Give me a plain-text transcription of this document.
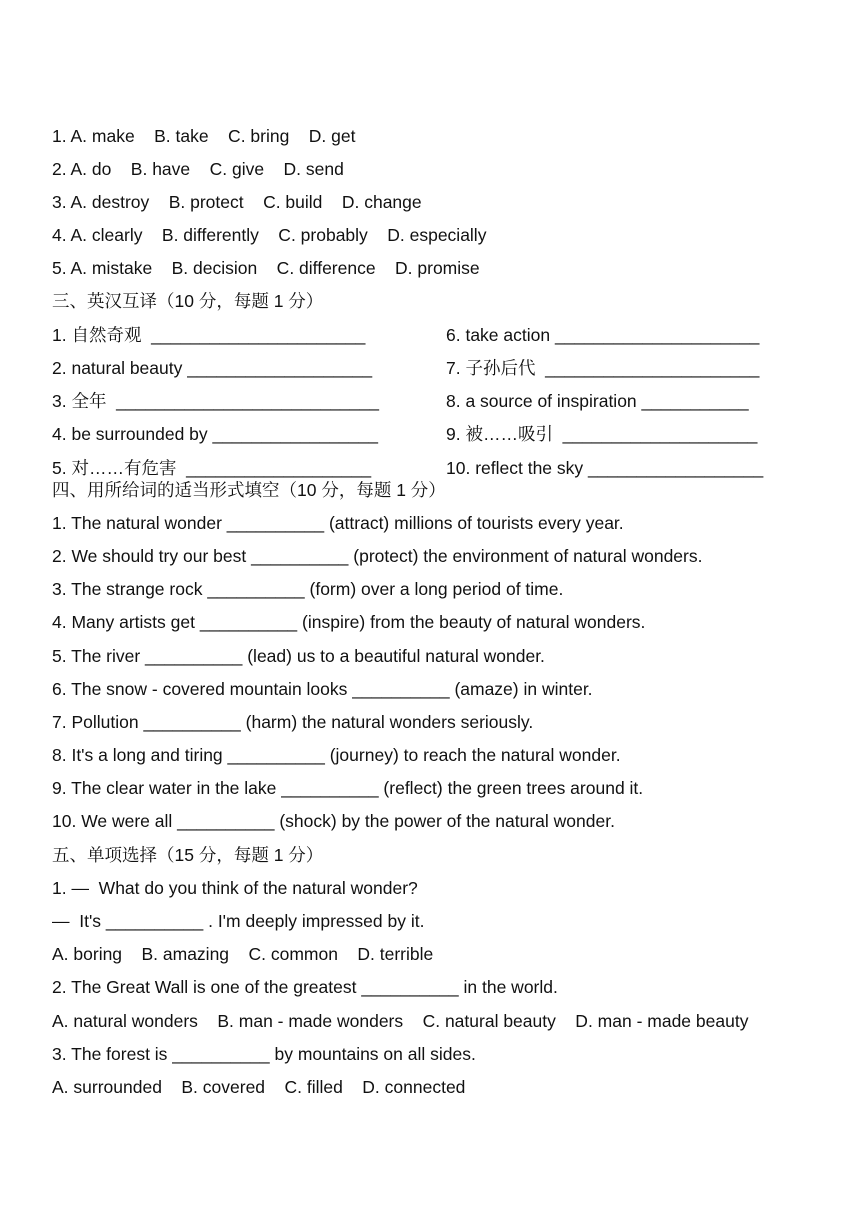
1. A. make    B. take    C. bring    D. get
2. A. do    B. have    C. give    D. send
3. A. destroy    B. protect    C. build    D. change
4. A. clearly    B. differently    C. probably    D. especially
5. A. mistake    B. decision    C. difference    D. promise
三、英汉互译（10 分，每题 1 分）
1. 自然奇观  ______________________	6. take action _____________________
2. natural beauty ___________________	7. 子孙后代  ______________________
3. 全年  ___________________________	8. a source of inspiration ___________
4. be surrounded by _________________	9. 被……吸引  ____________________
5. 对……有危害  ___________________	10. reflect the sky __________________
四、用所给词的适当形式填空（10 分，每题 1 分）
1. The natural wonder __________ (attract) millions of tourists every year.
2. We should try our best __________ (protect) the environment of natural wonders.
3. The strange rock __________ (form) over a long period of time.
4. Many artists get __________ (inspire) from the beauty of natural wonders.
5. The river __________ (lead) us to a beautiful natural wonder.
6. The snow - covered mountain looks __________ (amaze) in winter.
7. Pollution __________ (harm) the natural wonders seriously.
8. It's a long and tiring __________ (journey) to reach the natural wonder.
9. The clear water in the lake __________ (reflect) the green trees around it.
10. We were all __________ (shock) by the power of the natural wonder.
五、单项选择（15 分，每题 1 分）
1. —  What do you think of the natural wonder?
—  It's __________ . I'm deeply impressed by it.
A. boring    B. amazing    C. common    D. terrible
2. The Great Wall is one of the greatest __________ in the world.
A. natural wonders    B. man - made wonders    C. natural beauty    D. man - made beauty
3. The forest is __________ by mountains on all sides.
A. surrounded    B. covered    C. filled    D. connected
